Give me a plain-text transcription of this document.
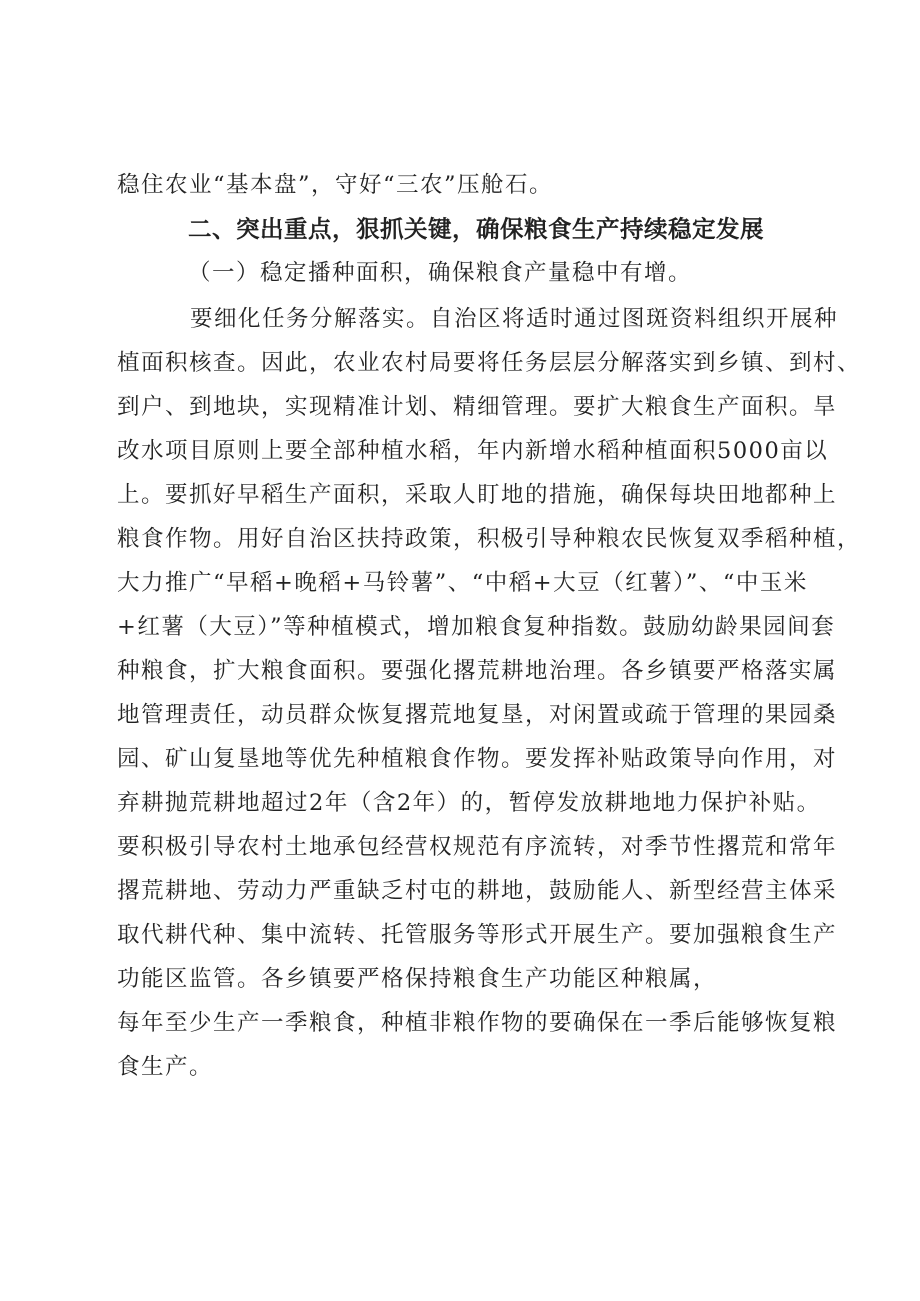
稳住农业“基本盘”，守好“三农”压舱石。
二、突出重点，狠抓关键，确保粮食生产持续稳定发展
（一）稳定播种面积，确保粮食产量稳中有增。
要细化任务分解落实。自治区将适时通过图斑资料组织开展种
植面积核查。因此，农业农村局要将任务层层分解落实到乡镇、到村、
到户、到地块，实现精准计划、精细管理。要扩大粮食生产面积。旱
改水项目原则上要全部种植水稻，年内新增水稻种植面积5000亩以
上。要抓好早稻生产面积，采取人盯地的措施，确保每块田地都种上
粮食作物。用好自治区扶持政策，积极引导种粮农民恢复双季稻种植，
大力推广“早稻+晚稻+马铃薯”、“中稻+大豆（红薯）”、“中玉米
+红薯（大豆）”等种植模式，增加粮食复种指数。鼓励幼龄果园间套
种粮食，扩大粮食面积。要强化撂荒耕地治理。各乡镇要严格落实属
地管理责任，动员群众恢复撂荒地复垦，对闲置或疏于管理的果园桑
园、矿山复垦地等优先种植粮食作物。要发挥补贴政策导向作用，对
弃耕抛荒耕地超过2年（含2年）的，暂停发放耕地地力保护补贴。
要积极引导农村土地承包经营权规范有序流转，对季节性撂荒和常年
撂荒耕地、劳动力严重缺乏村屯的耕地，鼓励能人、新型经营主体采
取代耕代种、集中流转、托管服务等形式开展生产。要加强粮食生产
功能区监管。各乡镇要严格保持粮食生产功能区种粮属，
每年至少生产一季粮食，种植非粮作物的要确保在一季后能够恢复粮
食生产。
